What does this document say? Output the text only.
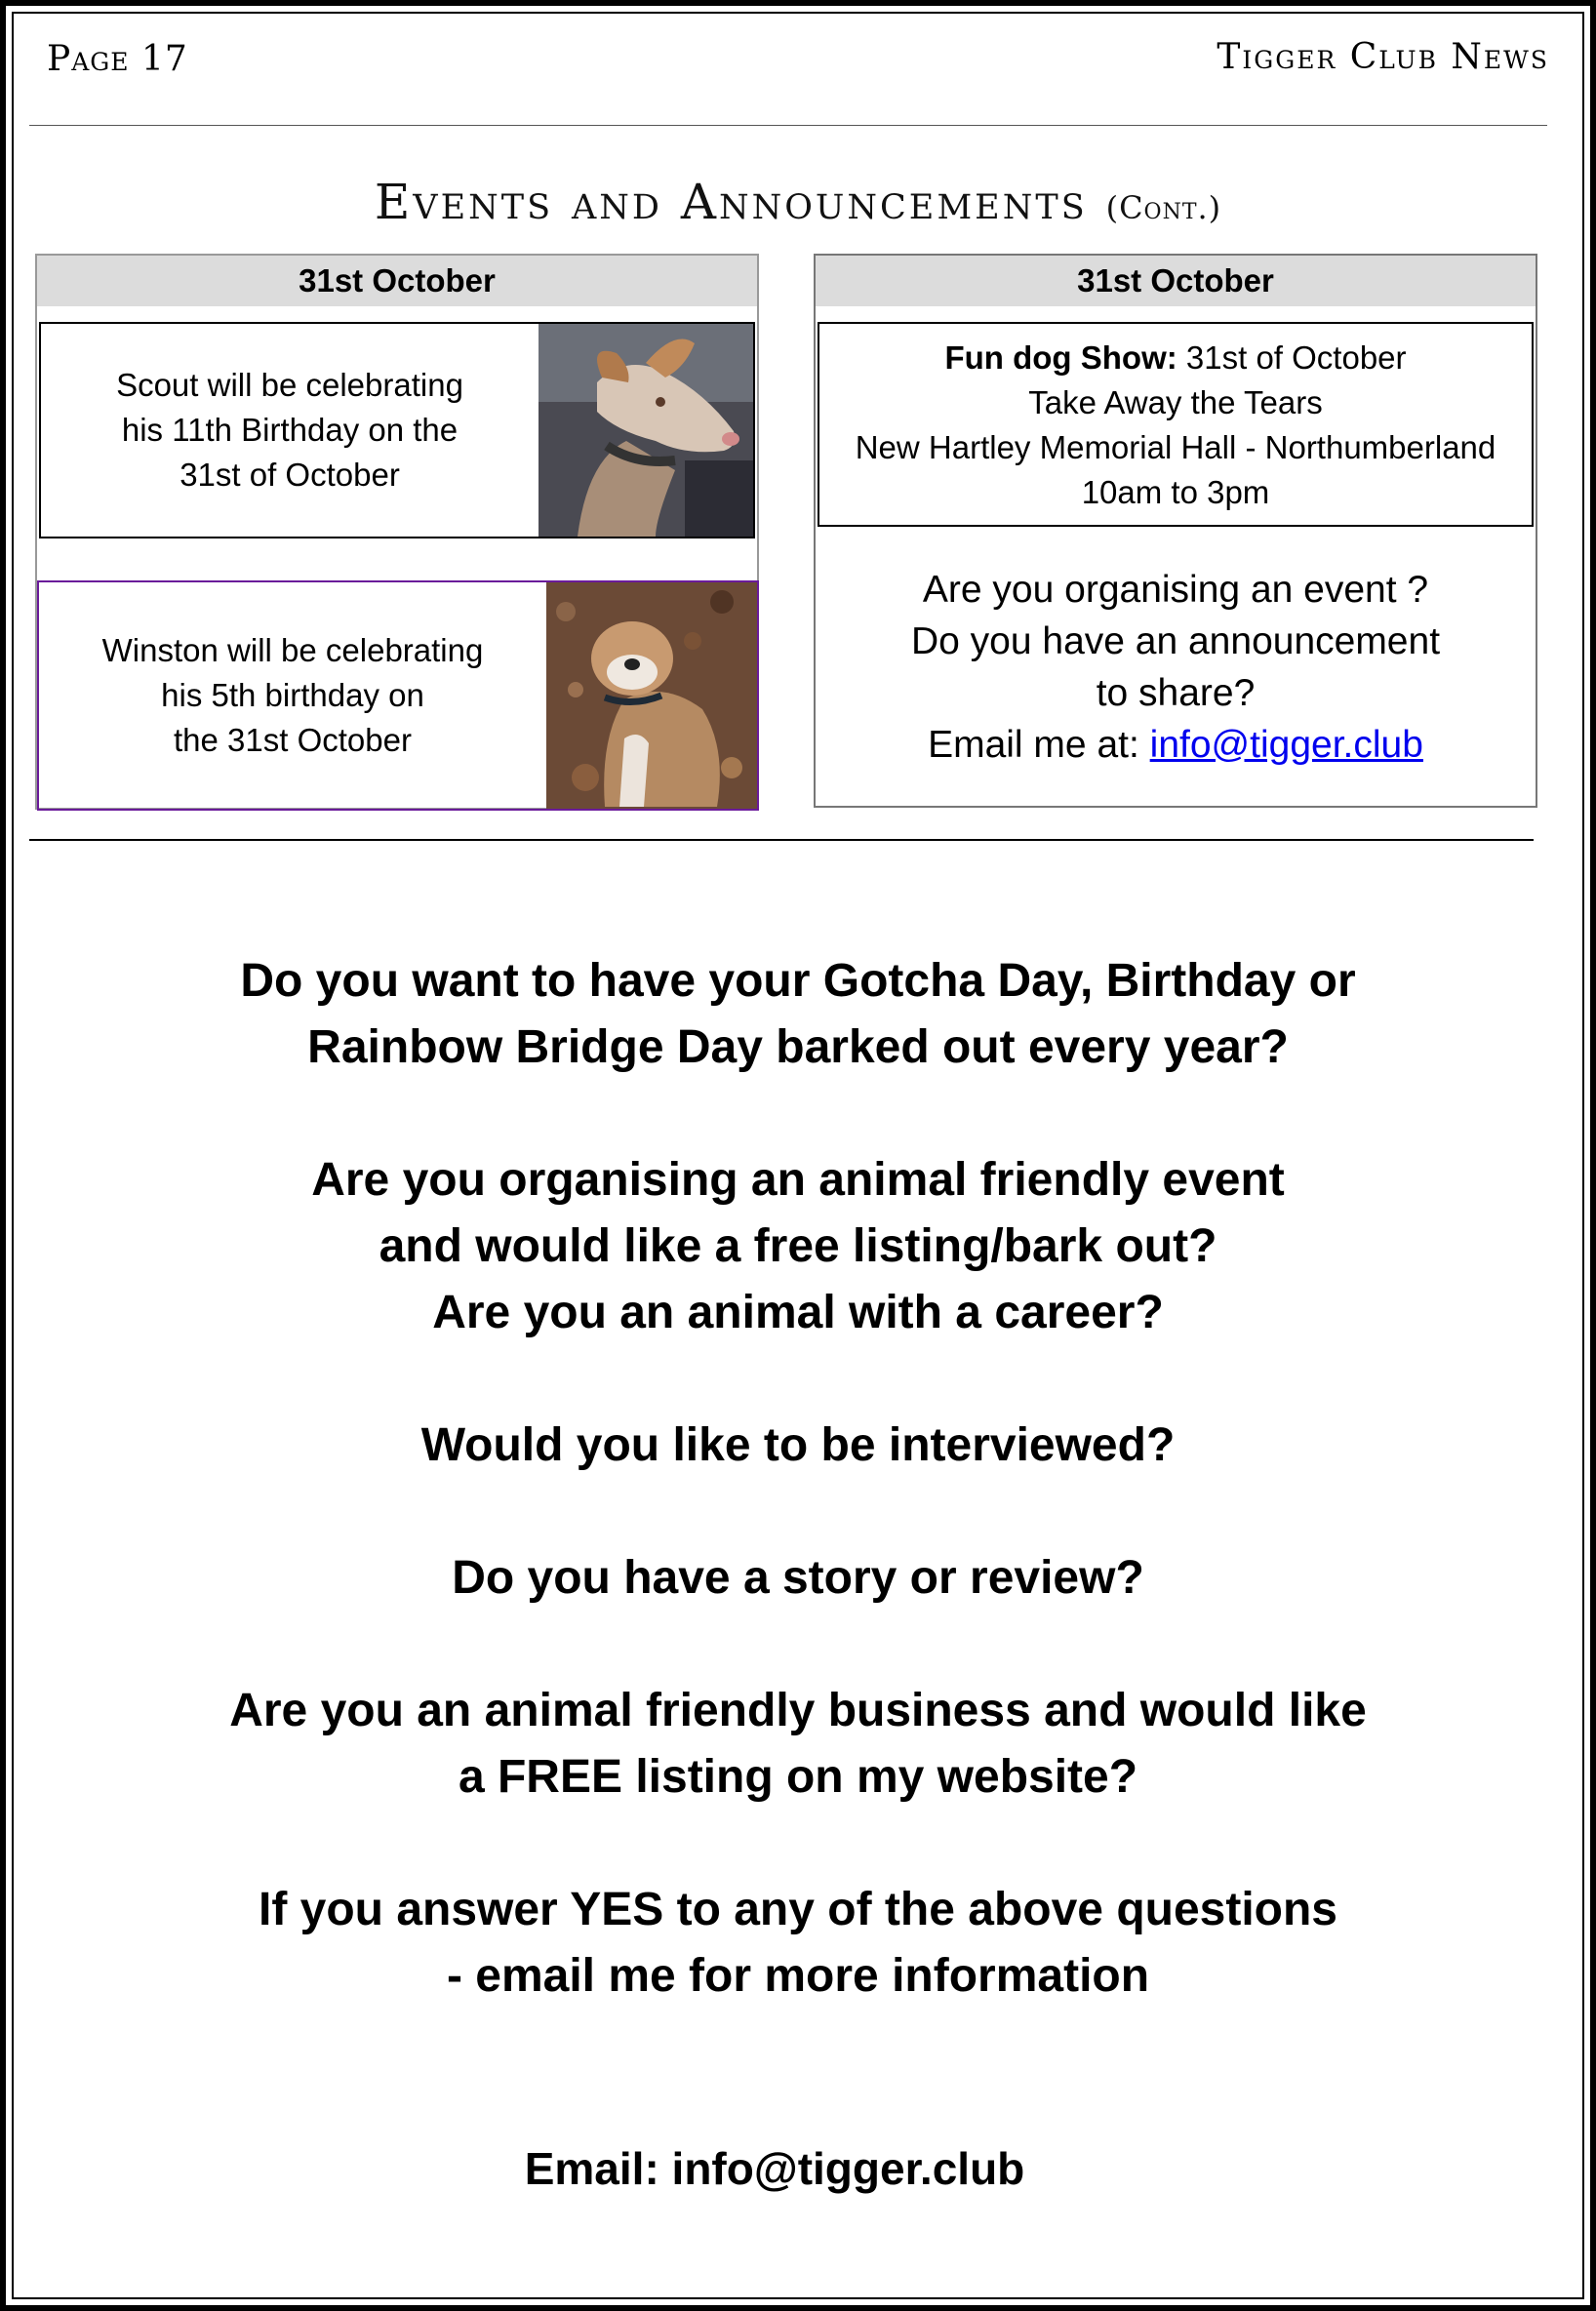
Page 17	Tigger Club News
Events and Announcements (Cont.)
31st October
Scout will be celebrating
his 11th Birthday on the
31st of October
Winston will be celebrating
his 5th birthday on
the 31st October
31st October
Fun dog Show: 31st of October
Take Away the Tears
New Hartley Memorial Hall - Northumberland
10am to 3pm
Are you organising an event ?
Do you have an announcement
to share?
Email me at: info@tigger.club

Do you want to have your Gotcha Day, Birthday or
Rainbow Bridge Day barked out every year?

Are you organising an animal friendly event
and would like a free listing/bark out?
Are you an animal with a career?

Would you like to be interviewed?

Do you have a story or review?

Are you an animal friendly business and would like
a FREE listing on my website?

If you answer YES to any of the above questions
- email me for more information

Email: info@tigger.club
